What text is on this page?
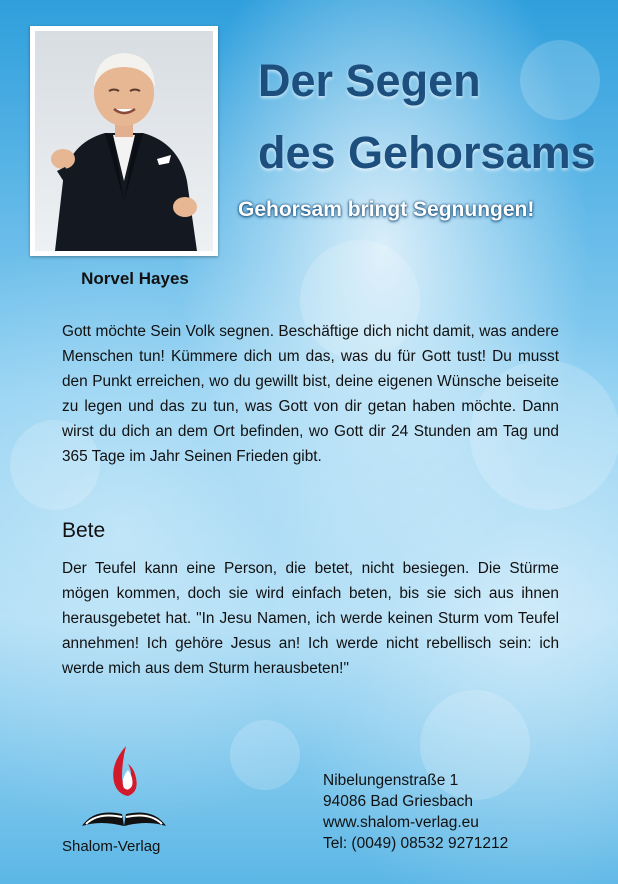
Der Segen
des Gehorsams
Gehorsam bringt Segnungen!
Norvel Hayes

Gott möchte Sein Volk segnen. Beschäftige dich nicht damit, was andere Menschen tun! Kümmere dich um das, was du für Gott tust! Du musst den Punkt erreichen, wo du gewillt bist, deine eigenen Wünsche beiseite zu legen und das zu tun, was Gott von dir getan haben möchte. Dann wirst du dich an dem Ort befinden, wo Gott dir 24 Stunden am Tag und 365 Tage im Jahr Seinen Frieden gibt.

Bete

Der Teufel kann eine Person, die betet, nicht besiegen. Die Stürme mögen kommen, doch sie wird einfach beten, bis sie sich aus ihnen herausgebetet hat. "In Jesu Namen, ich werde keinen Sturm vom Teufel annehmen! Ich gehöre Jesus an! Ich werde nicht rebellisch sein: ich werde mich aus dem Sturm herausbeten!"

Shalom-Verlag
Nibelungenstraße 1
94086 Bad Griesbach
www.shalom-verlag.eu
Tel: (0049) 08532 9271212
